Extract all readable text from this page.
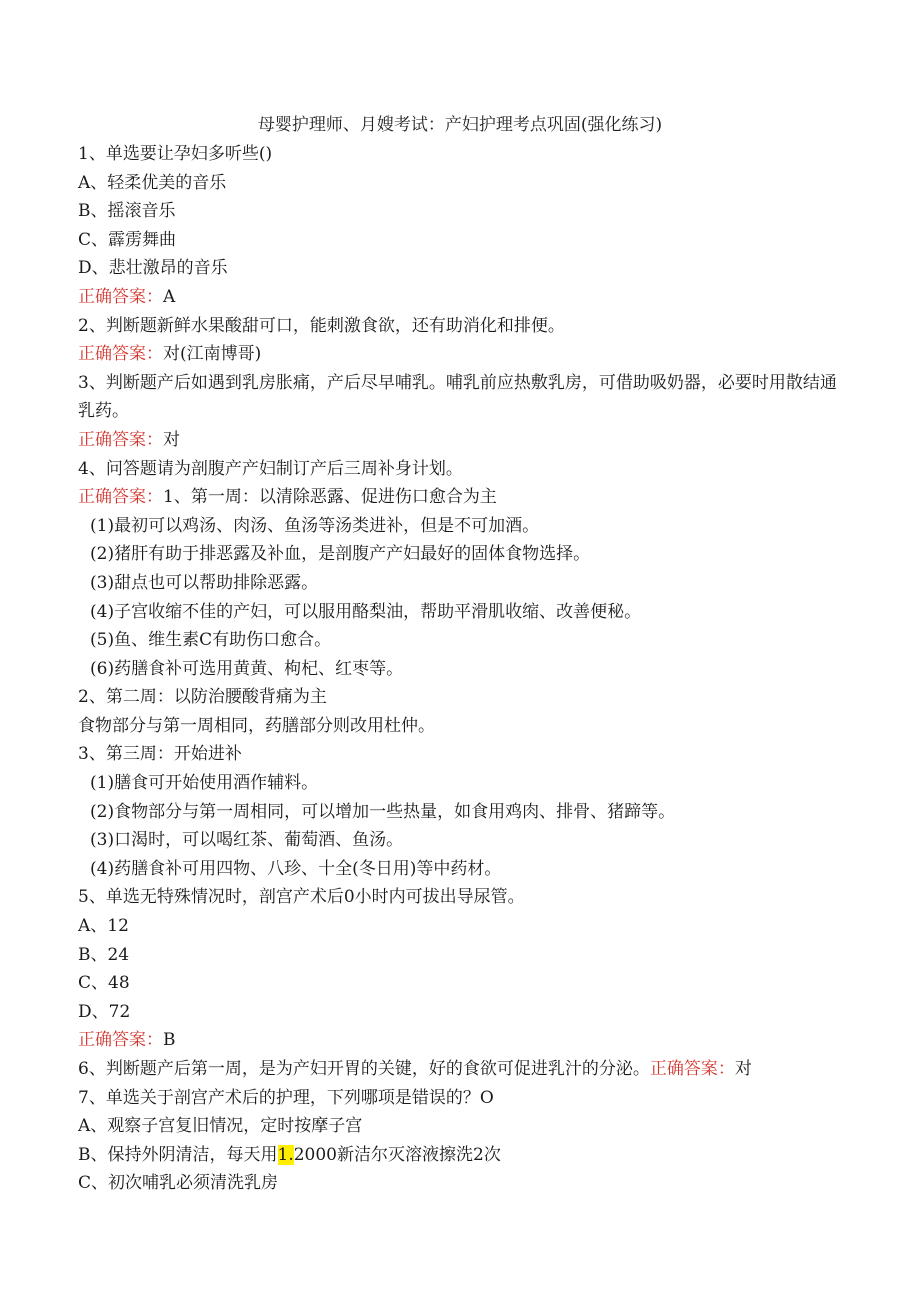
母婴护理师、月嫂考试：产妇护理考点巩固(强化练习)
1、单选要让孕妇多听些()
A、轻柔优美的音乐
B、摇滚音乐
C、霹雳舞曲
D、悲壮激昂的音乐
正确答案：A
2、判断题新鲜水果酸甜可口，能刺激食欲，还有助消化和排便。
正确答案：对(江南博哥)
3、判断题产后如遇到乳房胀痛，产后尽早哺乳。哺乳前应热敷乳房，可借助吸奶器，必要时用散结通乳药。
正确答案：对
4、问答题请为剖腹产产妇制订产后三周补身计划。
正确答案：1、第一周：以清除恶露、促进伤口愈合为主
(1)最初可以鸡汤、肉汤、鱼汤等汤类进补，但是不可加酒。
(2)猪肝有助于排恶露及补血，是剖腹产产妇最好的固体食物选择。
(3)甜点也可以帮助排除恶露。
(4)子宫收缩不佳的产妇，可以服用酪梨油，帮助平滑肌收缩、改善便秘。
(5)鱼、维生素C有助伤口愈合。
(6)药膳食补可选用黄黄、枸杞、红枣等。
2、第二周：以防治腰酸背痛为主
食物部分与第一周相同，药膳部分则改用杜仲。
3、第三周：开始进补
(1)膳食可开始使用酒作辅料。
(2)食物部分与第一周相同，可以增加一些热量，如食用鸡肉、排骨、猪蹄等。
(3)口渴时，可以喝红茶、葡萄酒、鱼汤。
(4)药膳食补可用四物、八珍、十全(冬日用)等中药材。
5、单选无特殊情况时，剖宫产术后0小时内可拔出导尿管。
A、12
B、24
C、48
D、72
正确答案：B
6、判断题产后第一周，是为产妇开胃的关键，好的食欲可促进乳汁的分泌。正确答案：对
7、单选关于剖宫产术后的护理，下列哪项是错误的？O
A、观察子宫复旧情况，定时按摩子宫
B、保持外阴清洁，每天用1.2000新洁尔灭溶液擦洗2次
C、初次哺乳必须清洗乳房
